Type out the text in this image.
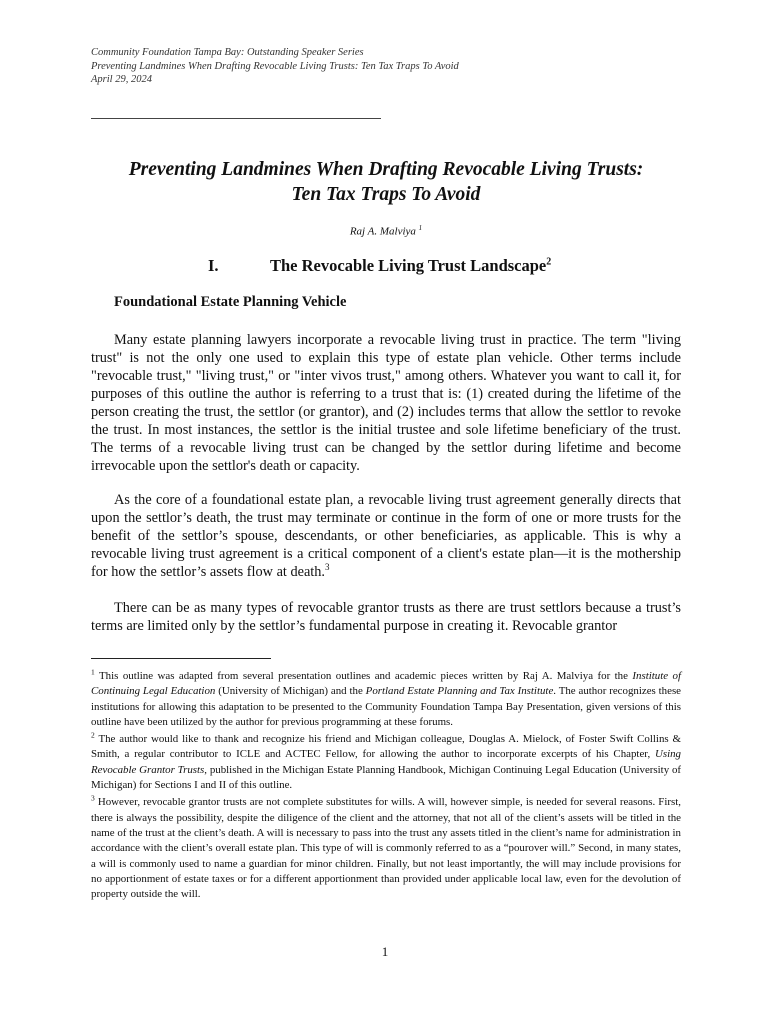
Community Foundation Tampa Bay: Outstanding Speaker Series
Preventing Landmines When Drafting Revocable Living Trusts: Ten Tax Traps To Avoid
April 29, 2024
Preventing Landmines When Drafting Revocable Living Trusts:
Ten Tax Traps To Avoid
Raj A. Malviya $^1$
I.	The Revocable Living Trust Landscape$^2$
Foundational Estate Planning Vehicle

Many estate planning lawyers incorporate a revocable living trust in practice. The term "living trust" is not the only one used to explain this type of estate plan vehicle. Other terms include "revocable trust," "living trust," or "inter vivos trust," among others. Whatever you want to call it, for purposes of this outline the author is referring to a trust that is: (1) created during the lifetime of the person creating the trust, the settlor (or grantor), and (2) includes terms that allow the settlor to revoke the trust. In most instances, the settlor is the initial trustee and sole lifetime beneficiary of the trust. The terms of a revocable living trust can be changed by the settlor during lifetime and become irrevocable upon the settlor's death or capacity.

As the core of a foundational estate plan, a revocable living trust agreement generally directs that upon the settlor’s death, the trust may terminate or continue in the form of one or more trusts for the benefit of the settlor’s spouse, descendants, or other beneficiaries, as applicable. This is why a revocable living trust agreement is a critical component of a client's estate plan—it is the mothership for how the settlor’s assets flow at death.$^3$

There can be as many types of revocable grantor trusts as there are trust settlors because a trust’s terms are limited only by the settlor’s fundamental purpose in creating it. Revocable grantor

$^1$ This outline was adapted from several presentation outlines and academic pieces written by Raj A. Malviya for the Institute of Continuing Legal Education (University of Michigan) and the Portland Estate Planning and Tax Institute. The author recognizes these institutions for allowing this adaptation to be presented to the Community Foundation Tampa Bay Presentation, given versions of this outline have been utilized by the author for previous programming at these forums.

$^2$ The author would like to thank and recognize his friend and Michigan colleague, Douglas A. Mielock, of Foster Swift Collins & Smith, a regular contributor to ICLE and ACTEC Fellow, for allowing the author to incorporate excerpts of his Chapter, Using Revocable Grantor Trusts, published in the Michigan Estate Planning Handbook, Michigan Continuing Legal Education (University of Michigan) for Sections I and II of this outline.

$^3$ However, revocable grantor trusts are not complete substitutes for wills. A will, however simple, is needed for several reasons. First, there is always the possibility, despite the diligence of the client and the attorney, that not all of the client’s assets will be titled in the name of the trust at the client’s death. A will is necessary to pass into the trust any assets titled in the client’s name for administration in accordance with the client’s overall estate plan. This type of will is commonly referred to as a “pourover will.” Second, in many states, a will is commonly used to name a guardian for minor children. Finally, but not least importantly, the will may include provisions for no apportionment of estate taxes or for a different apportionment than provided under applicable local law, even for the devolution of property outside the will.

1
